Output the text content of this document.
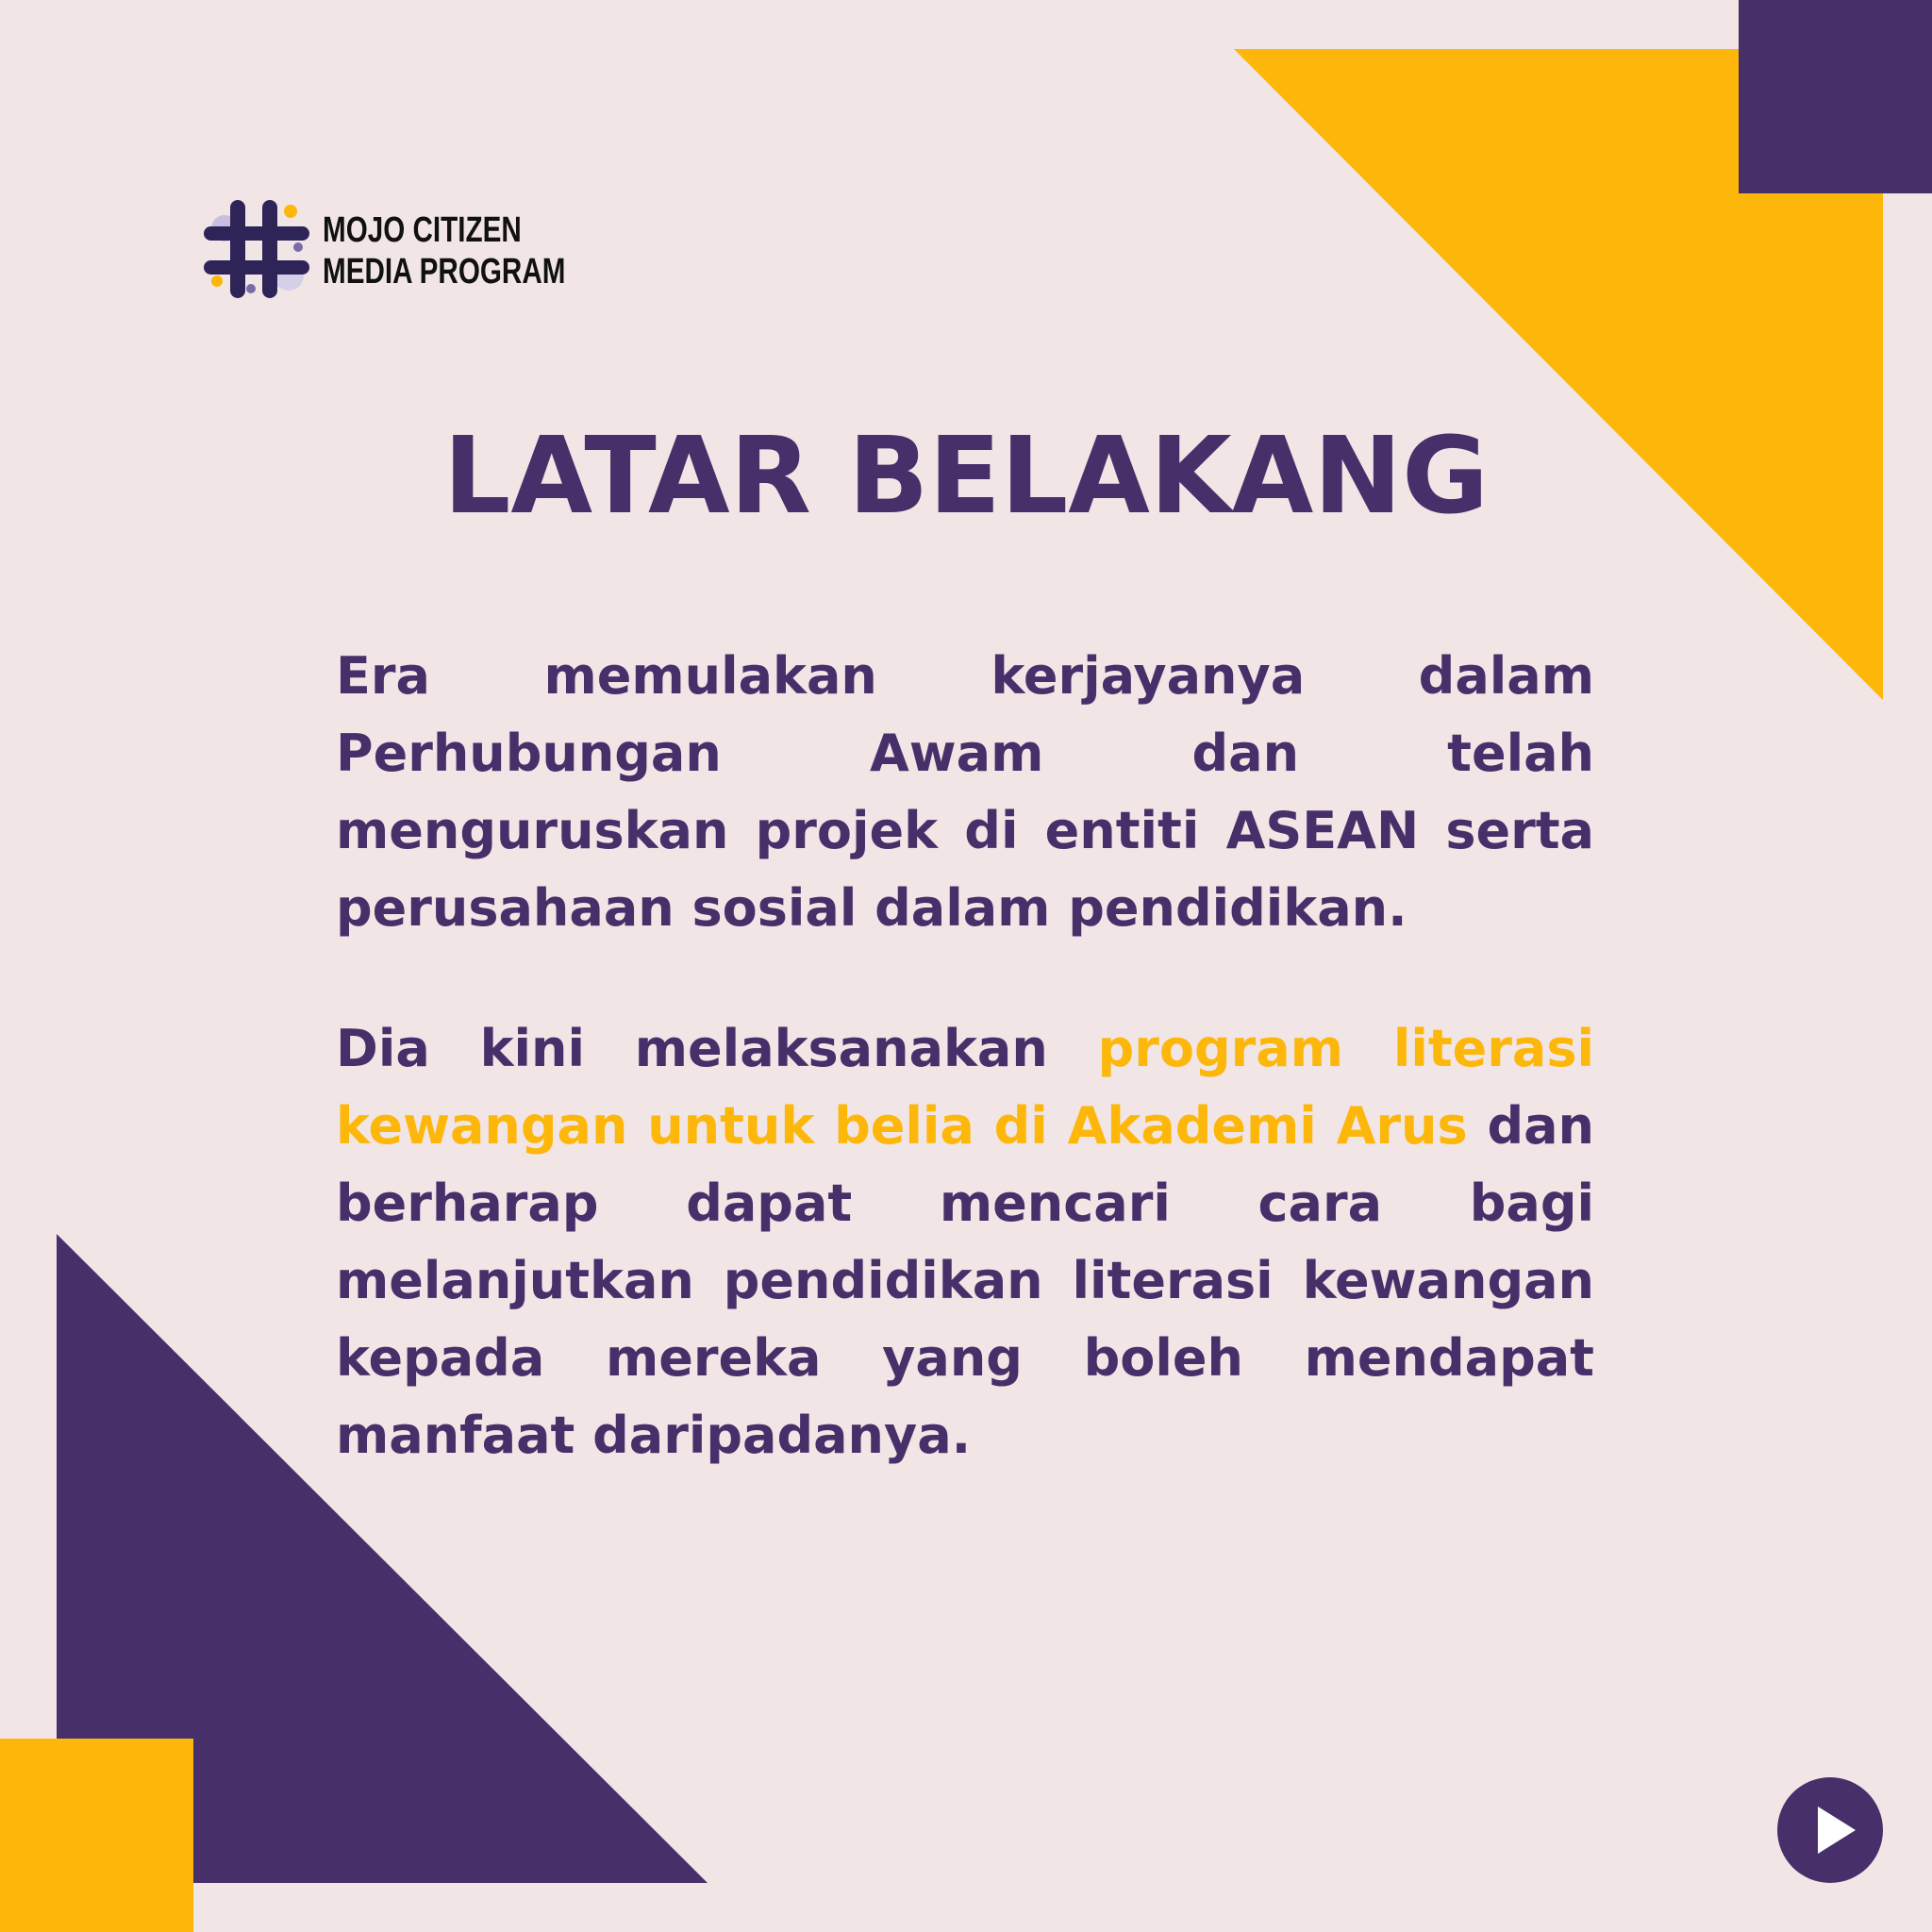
MOJO CITIZEN
MEDIA PROGRAM
LATAR BELAKANG

Era memulakan kerjayanya dalam Perhubungan Awam dan telah menguruskan projek di entiti ASEAN serta perusahaan sosial dalam pendidikan.

Dia kini melaksanakan program literasi kewangan untuk belia di Akademi Arus dan berharap dapat mencari cara bagi melanjutkan pendidikan literasi kewangan kepada mereka yang boleh mendapat manfaat daripadanya.
